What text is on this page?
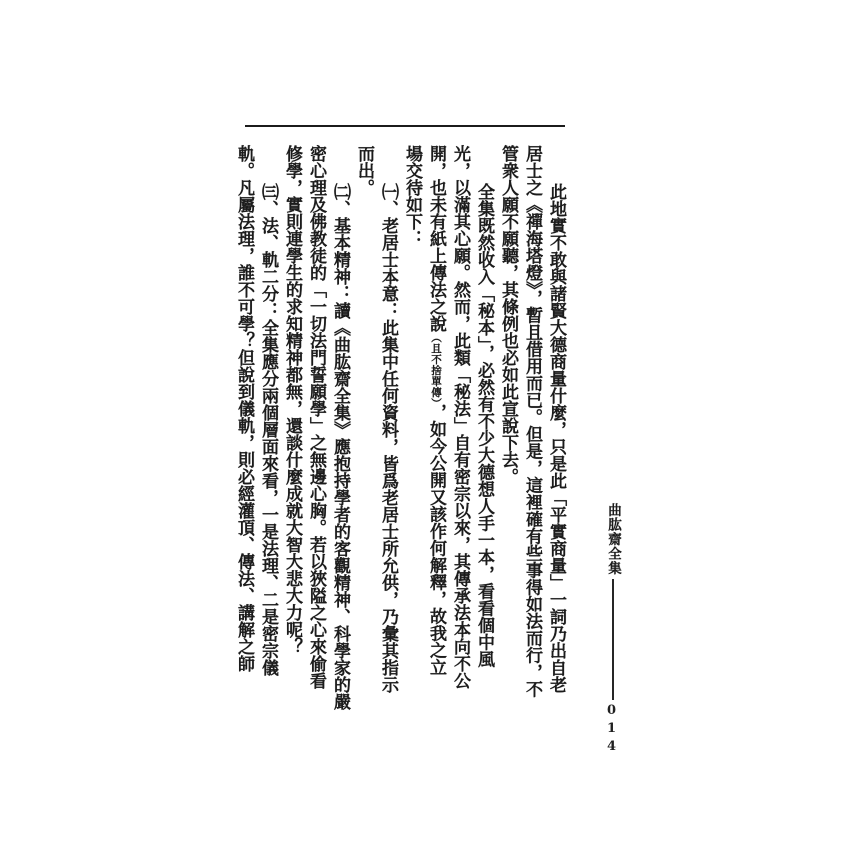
此地實不敢與諸賢大德商量什麼，只是此「平實商量」一詞乃出自老
居士之《禪海塔燈》，暫且借用而已。但是，這裡確有些事得如法而行，不
管衆人願不願聽，其條例也必如此宣說下去。
全集既然收入「秘本」，必然有不少大德想人手一本，看看個中風
光，以滿其心願。然而，此類「秘法」自有密宗以來，其傳承法本向不公
開，也未有紙上傳法之說（且不捨單傳），如今公開又該作何解釋，故我之立
場交待如下：
㈠、老居士本意：此集中任何資料，皆爲老居士所允供，乃彙其指示
而出。
㈡、基本精神：讀《曲肱齋全集》應抱持學者的客觀精神、科學家的嚴
密心理及佛教徒的「一切法門誓願學」之無邊心胸。若以狹隘之心來偷看
修學，實則連學生的求知精神都無，還談什麼成就大智大悲大力呢？
㈢、法、軌二分：全集應分兩個層面來看，一是法理、二是密宗儀
軌。凡屬法理，誰不可學？但說到儀軌，則必經灌頂、傳法、講解之師	曲肱齋全集
014
